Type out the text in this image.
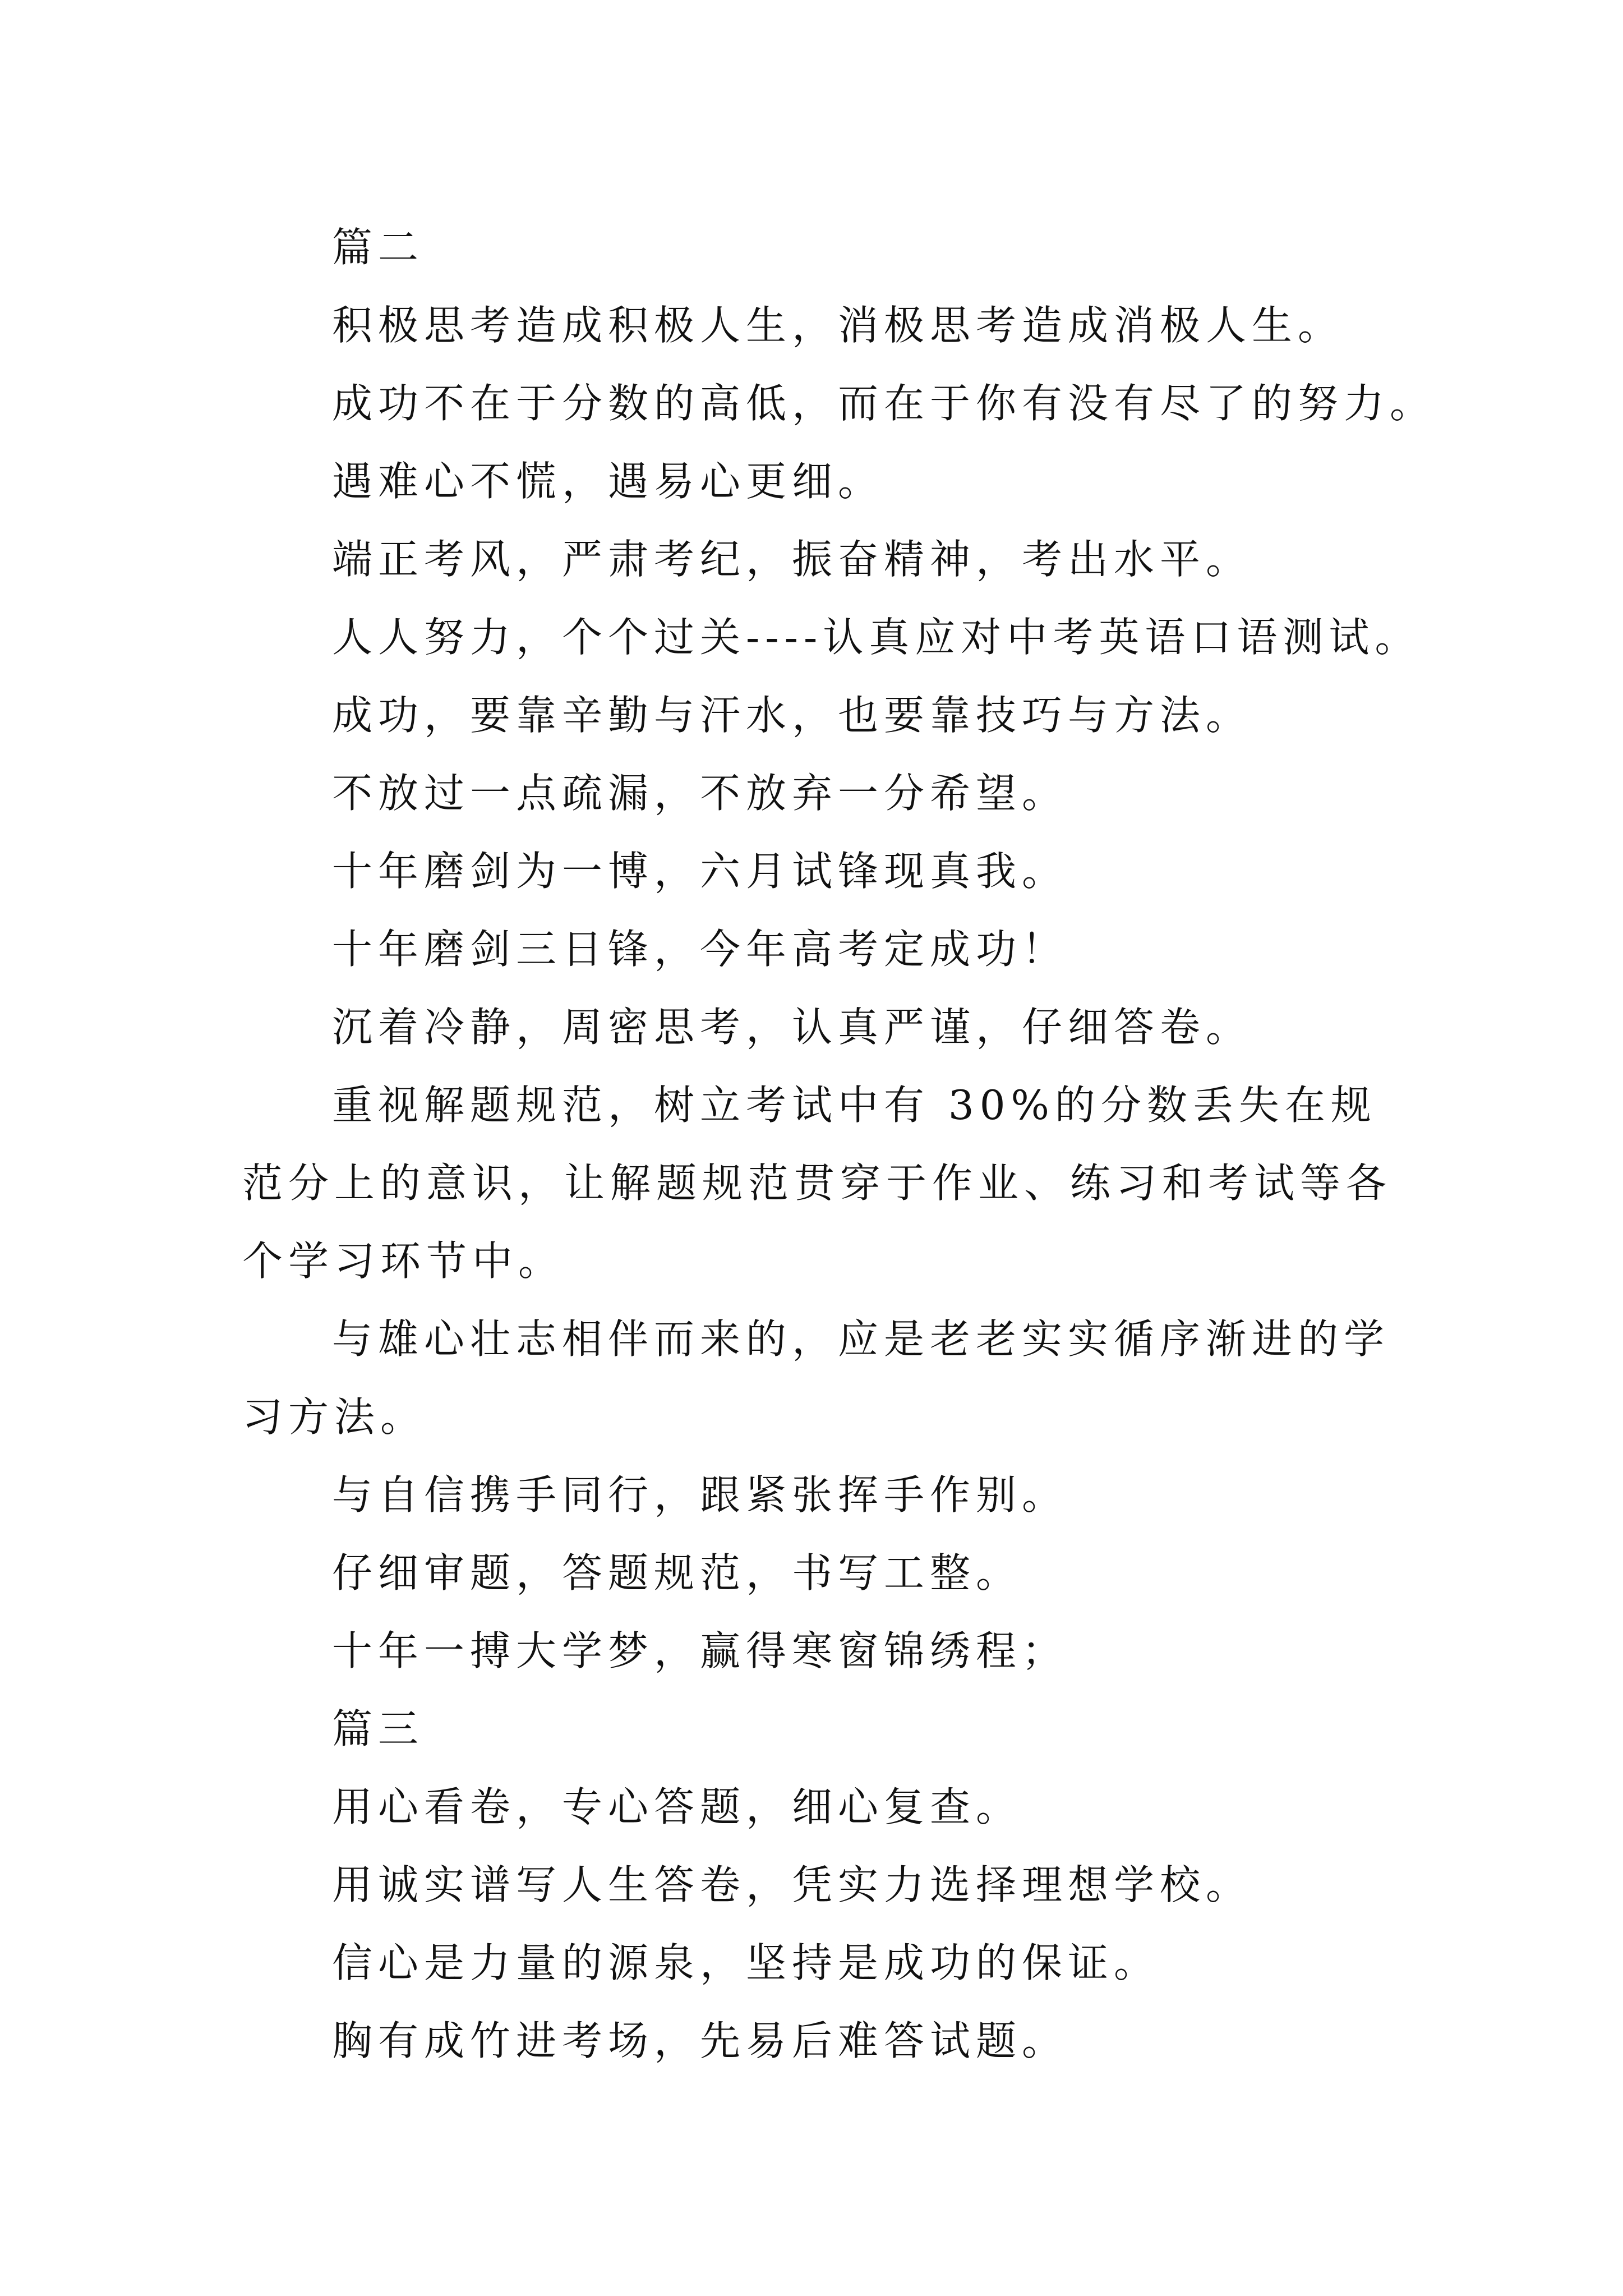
篇二
积极思考造成积极人生，消极思考造成消极人生。
成功不在于分数的高低，而在于你有没有尽了的努力。
遇难心不慌，遇易心更细。
端正考风，严肃考纪，振奋精神，考出水平。
人人努力，个个过关----认真应对中考英语口语测试。
成功，要靠辛勤与汗水，也要靠技巧与方法。
不放过一点疏漏，不放弃一分希望。
十年磨剑为一博，六月试锋现真我。
十年磨剑三日锋，今年高考定成功！
沉着冷静，周密思考，认真严谨，仔细答卷。
重视解题规范，树立考试中有 30%的分数丢失在规范分上的意识，让解题规范贯穿于作业、练习和考试等各个学习环节中。
与雄心壮志相伴而来的，应是老老实实循序渐进的学习方法。
与自信携手同行，跟紧张挥手作别。
仔细审题，答题规范，书写工整。
十年一搏大学梦，赢得寒窗锦绣程；
篇三
用心看卷，专心答题，细心复查。
用诚实谱写人生答卷，凭实力选择理想学校。
信心是力量的源泉，坚持是成功的保证。
胸有成竹进考场，先易后难答试题。
